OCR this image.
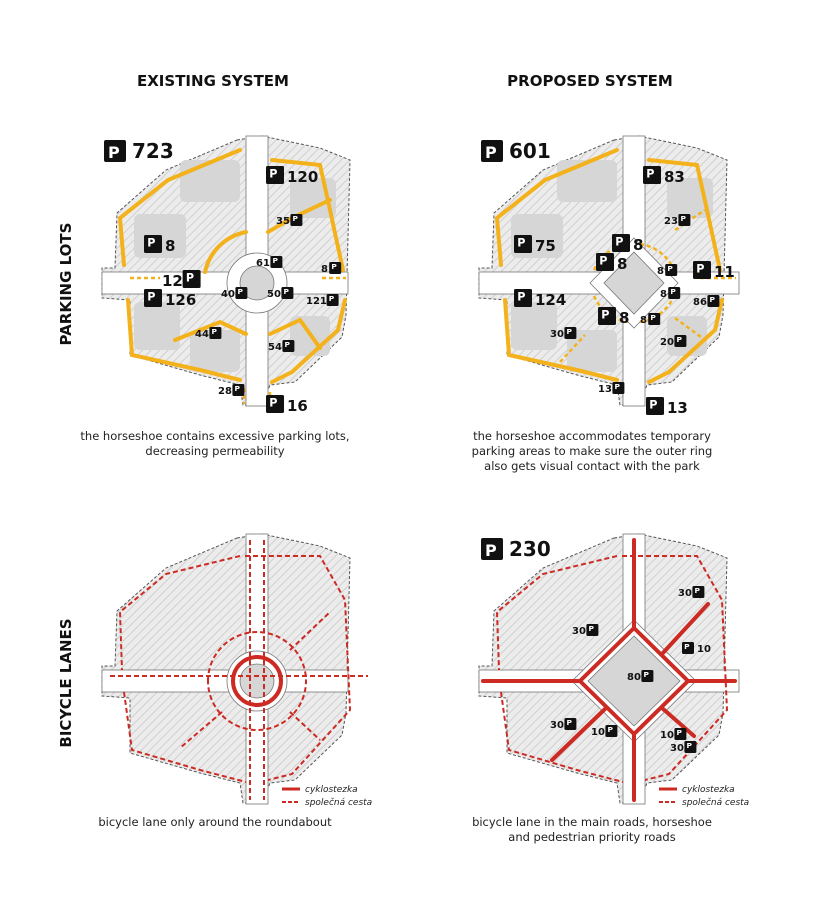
EXISTING SYSTEM	PROPOSED SYSTEM
PARKING LOTS
BICYCLE LANES
P 723
P 120
P
35
P 8
P
61	P
8
P
12
P
40	P
50
P 126	P
121
P
44
P
54
P
28
P 16
P 601
P 83
P
23
P 75	P 8
P 8	P
8	P 11
P
8
P 124	P
86
P
30
P 8	P
8
P
20
P
13
P 13
the horseshoe contains excessive parking lots,
decreasing permeability
the horseshoe accommodates temporary
parking areas to make sure the outer ring
also gets visual contact with the park
cyklostezka
společná cesta
P 230
P
30
P
30
P 10
P
80
P
30	P
10	P
10
P
30
cyklostezka
společná cesta
bicycle lane only around the roundabout	bicycle lane in the main roads, horseshoe
and pedestrian priority roads
